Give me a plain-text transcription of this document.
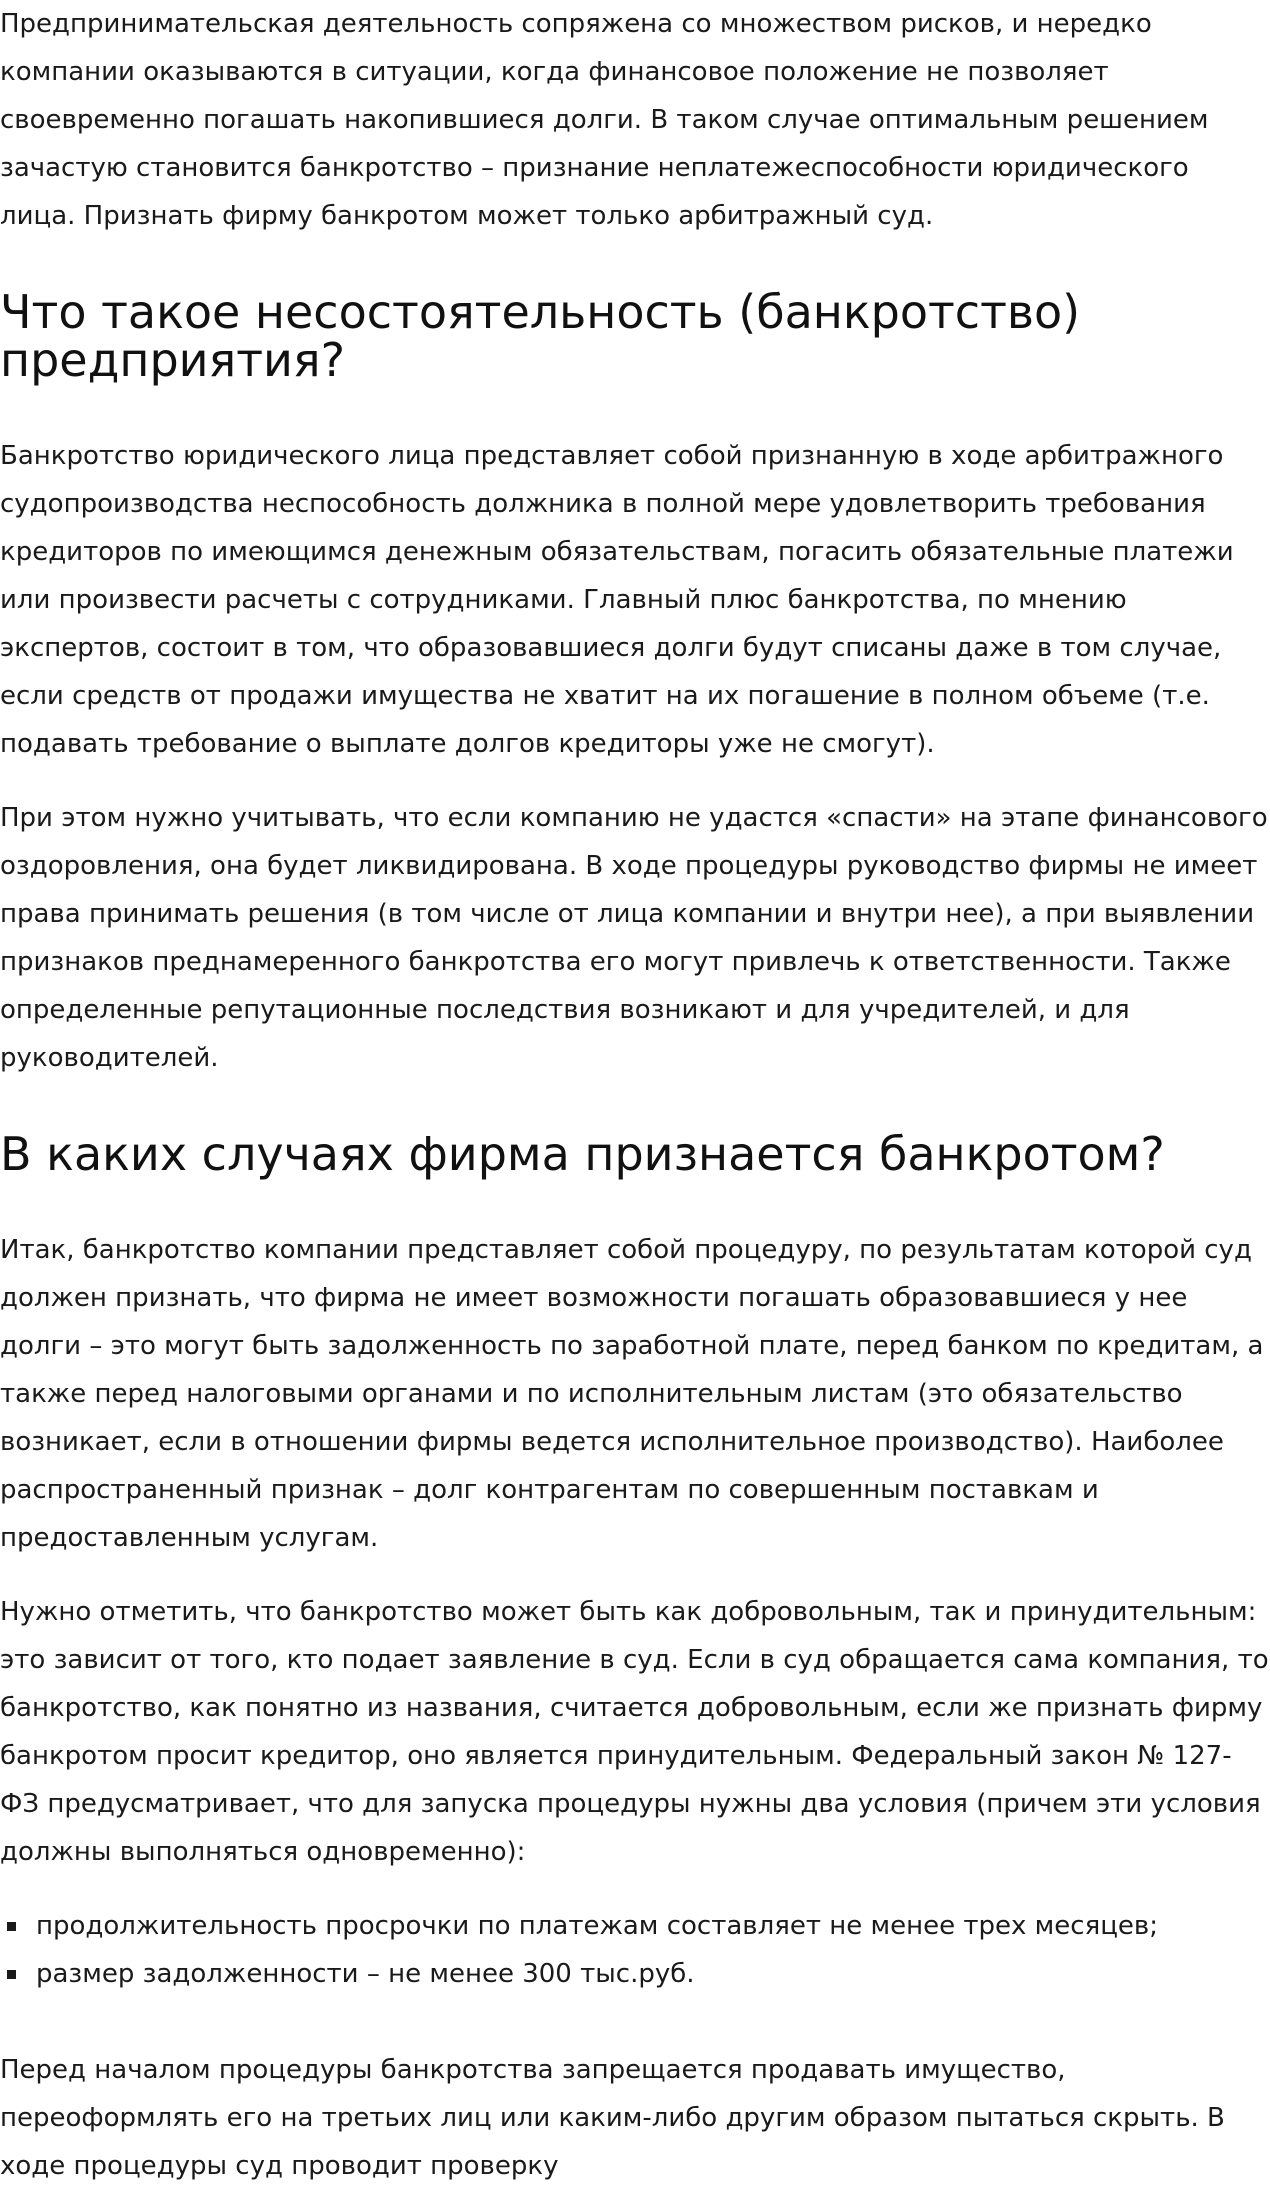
Предпринимательская деятельность сопряжена со множеством рисков, и нередко компании оказываются в ситуации, когда финансовое положение не позволяет своевременно погашать накопившиеся долги. В таком случае оптимальным решением зачастую становится банкротство – признание неплатежеспособности юридического лица. Признать фирму банкротом может только арбитражный суд.

Что такое несостоятельность (банкротство) предприятия?

Банкротство юридического лица представляет собой признанную в ходе арбитражного судопроизводства неспособность должника в полной мере удовлетворить требования кредиторов по имеющимся денежным обязательствам, погасить обязательные платежи или произвести расчеты с сотрудниками. Главный плюс банкротства, по мнению экспертов, состоит в том, что образовавшиеся долги будут списаны даже в том случае, если средств от продажи имущества не хватит на их погашение в полном объеме (т.е. подавать требование о выплате долгов кредиторы уже не смогут).

При этом нужно учитывать, что если компанию не удастся «спасти» на этапе финансового оздоровления, она будет ликвидирована. В ходе процедуры руководство фирмы не имеет права принимать решения (в том числе от лица компании и внутри нее), а при выявлении признаков преднамеренного банкротства его могут привлечь к ответственности. Также определенные репутационные последствия возникают и для учредителей, и для руководителей.

В каких случаях фирма признается банкротом?

Итак, банкротство компании представляет собой процедуру, по результатам которой суд должен признать, что фирма не имеет возможности погашать образовавшиеся у нее долги – это могут быть задолженность по заработной плате, перед банком по кредитам, а также перед налоговыми органами и по исполнительным листам (это обязательство возникает, если в отношении фирмы ведется исполнительное производство). Наиболее распространенный признак – долг контрагентам по совершенным поставкам и предоставленным услугам.

Нужно отметить, что банкротство может быть как добровольным, так и принудительным: это зависит от того, кто подает заявление в суд. Если в суд обращается сама компания, то банкротство, как понятно из названия, считается добровольным, если же признать фирму банкротом просит кредитор, оно является принудительным. Федеральный закон № 127-ФЗ предусматривает, что для запуска процедуры нужны два условия (причем эти условия должны выполняться одновременно):

продолжительность просрочки по платежам составляет не менее трех месяцев;
размер задолженности – не менее 300 тыс.руб.

Перед началом процедуры банкротства запрещается продавать имущество, переоформлять его на третьих лиц или каким-либо другим образом пытаться скрыть. В ходе процедуры суд проводит проверку
